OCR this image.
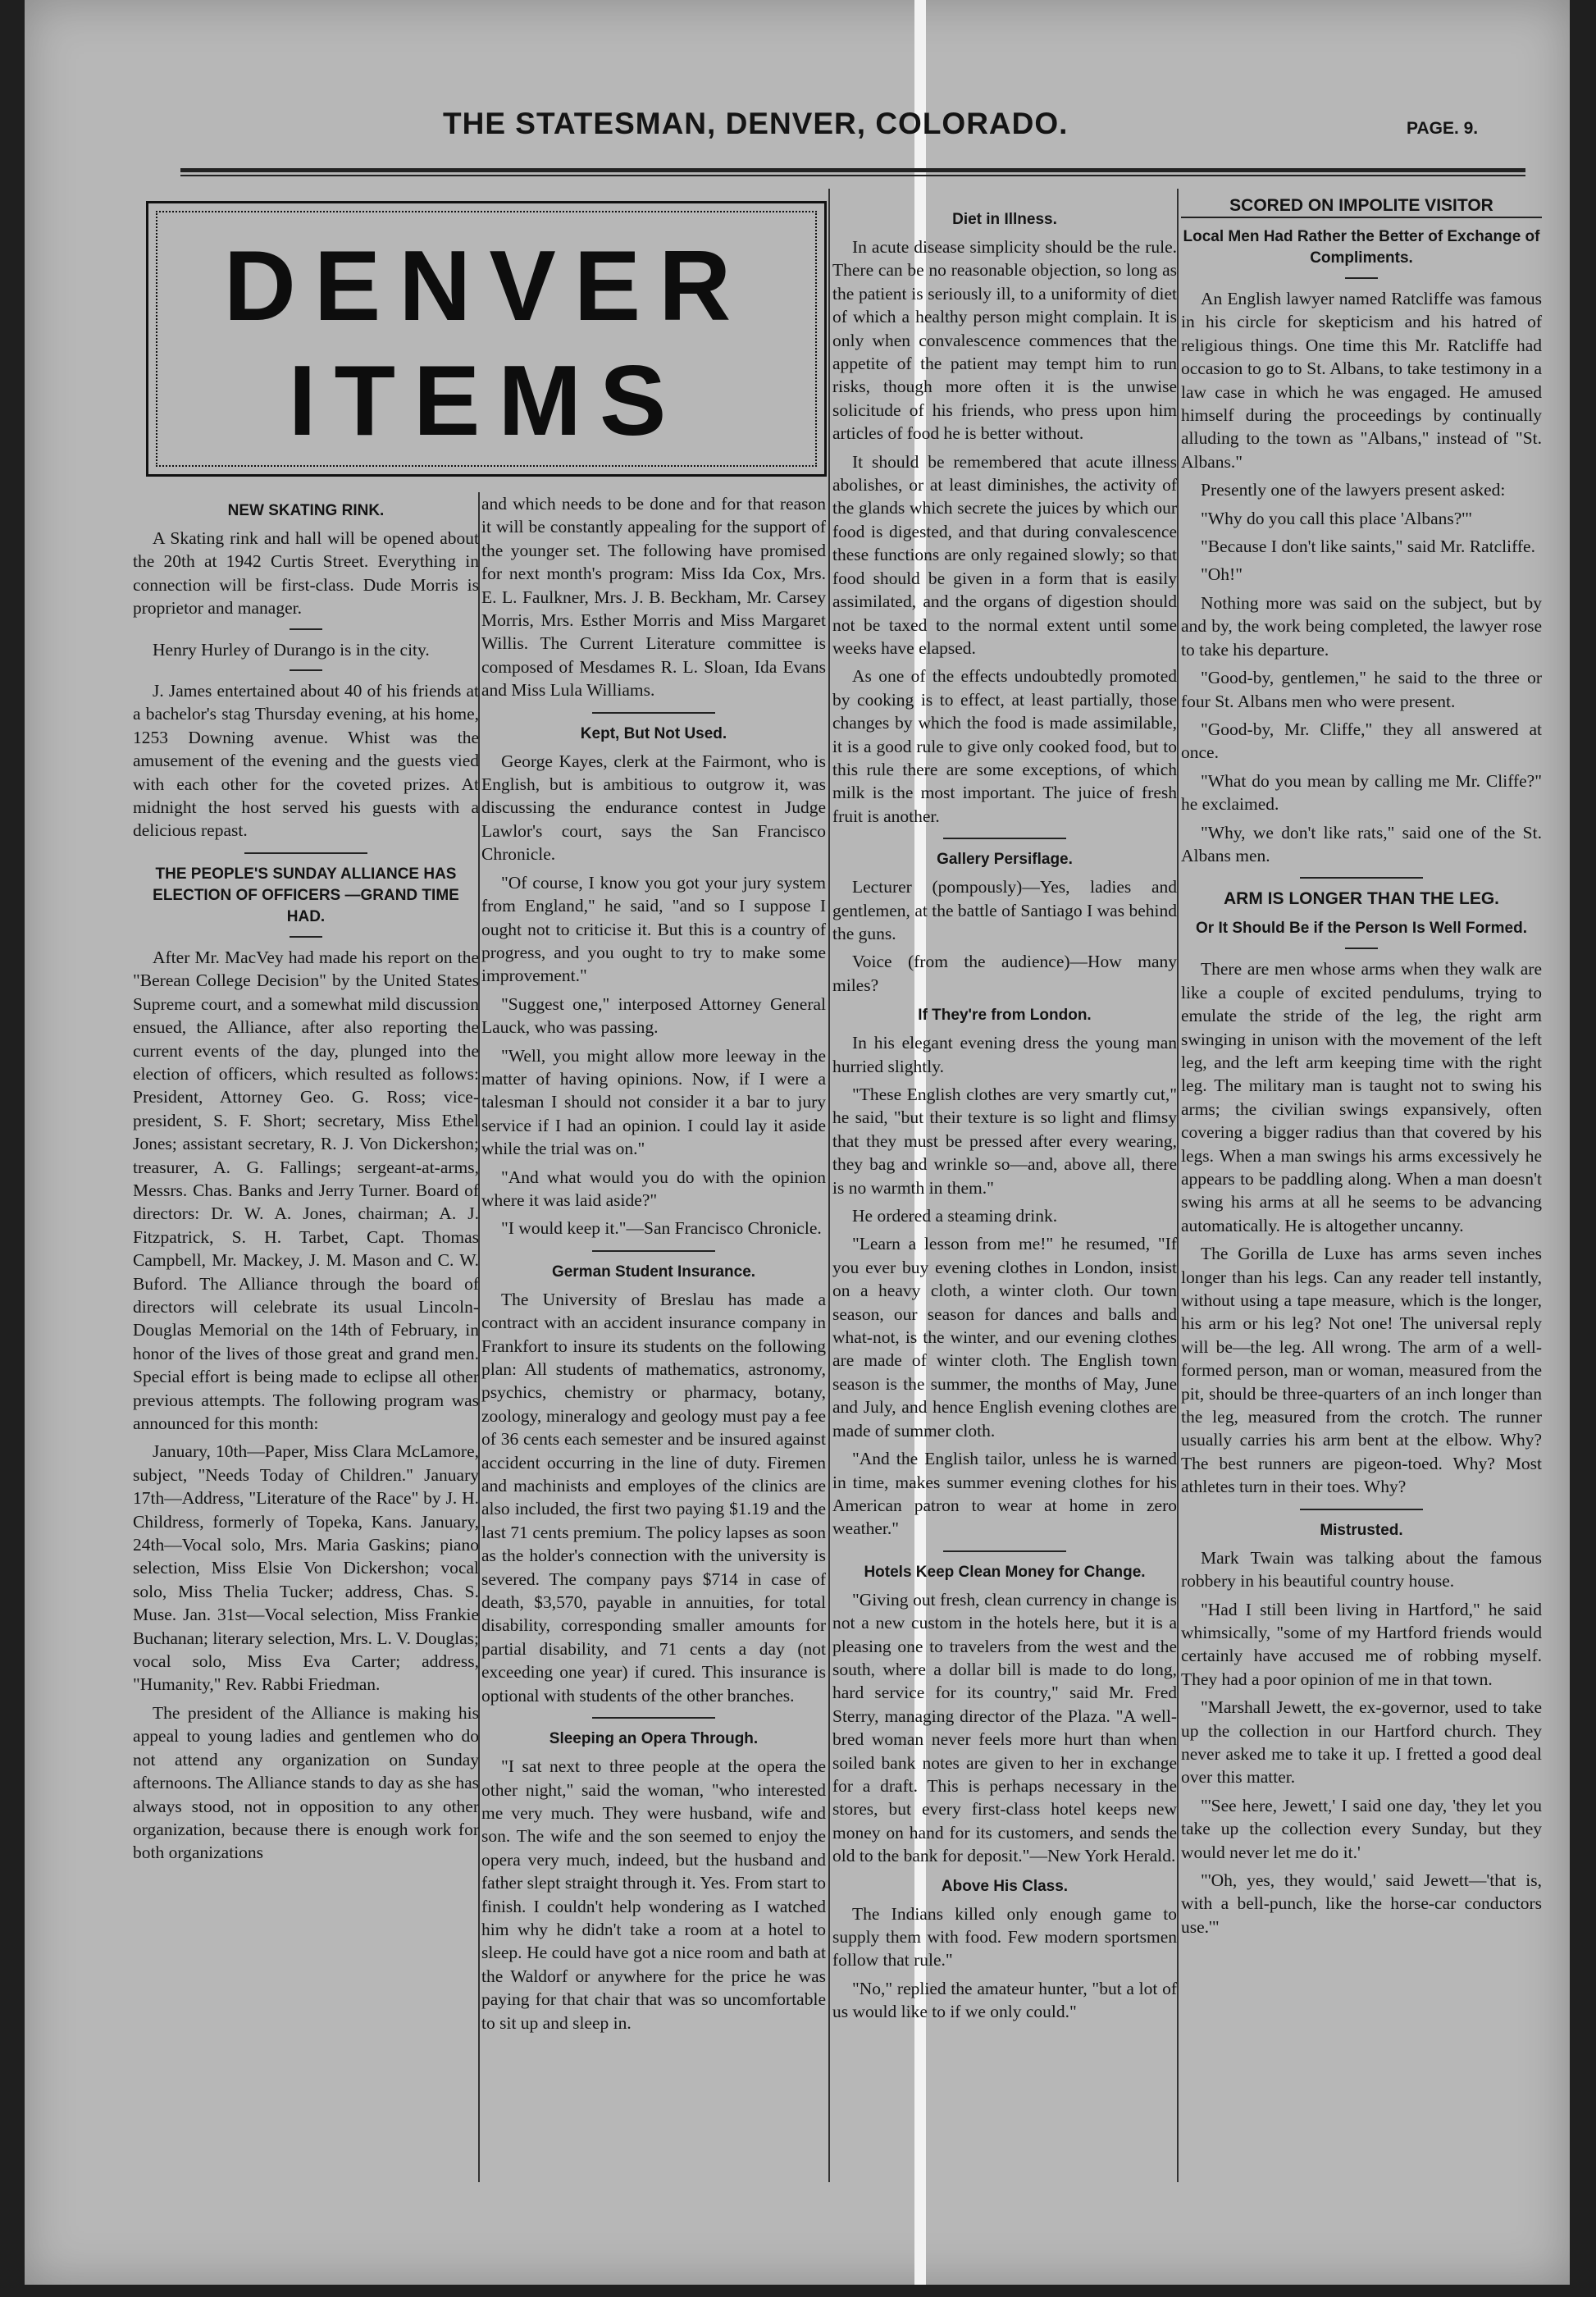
THE STATESMAN, DENVER, COLORADO.	PAGE. 9.
DENVER
ITEMS
NEW SKATING RINK.

A Skating rink and hall will be opened about the 20th at 1942 Curtis Street. Everything in connection will be first-class. Dude Morris is proprietor and manager.

Henry Hurley of Durango is in the city.

J. James entertained about 40 of his friends at a bachelor's stag Thursday evening, at his home, 1253 Downing avenue. Whist was the amusement of the evening and the guests vied with each other for the coveted prizes. At midnight the host served his guests with a delicious repast.

THE PEOPLE'S SUNDAY ALLIANCE HAS ELECTION OF OFFICERS —GRAND TIME HAD.

After Mr. MacVey had made his report on the "Berean College Decision" by the United States Supreme court, and a somewhat mild discussion ensued, the Alliance, after also reporting the current events of the day, plunged into the election of officers, which resulted as follows: President, Attorney Geo. G. Ross; vice-president, S. F. Short; secretary, Miss Ethel Jones; assistant secretary, R. J. Von Dickershon; treasurer, A. G. Fallings; sergeant-at-arms, Messrs. Chas. Banks and Jerry Turner. Board of directors: Dr. W. A. Jones, chairman; A. J. Fitzpatrick, S. H. Tarbet, Capt. Thomas Campbell, Mr. Mackey, J. M. Mason and C. W. Buford. The Alliance through the board of directors will celebrate its usual Lincoln-Douglas Memorial on the 14th of February, in honor of the lives of those great and grand men. Special effort is being made to eclipse all other previous attempts. The following program was announced for this month:

January, 10th—Paper, Miss Clara McLamore, subject, "Needs Today of Children." January 17th—Address, "Literature of the Race" by J. H. Childress, formerly of Topeka, Kans. January, 24th—Vocal solo, Mrs. Maria Gaskins; piano selection, Miss Elsie Von Dickershon; vocal solo, Miss Thelia Tucker; address, Chas. S. Muse. Jan. 31st—Vocal selection, Miss Frankie Buchanan; literary selection, Mrs. L. V. Douglas; vocal solo, Miss Eva Carter; address, "Humanity," Rev. Rabbi Friedman.

The president of the Alliance is making his appeal to young ladies and gentlemen who do not attend any organization on Sunday afternoons. The Alliance stands to day as she has always stood, not in opposition to any other organization, because there is enough work for both organizations

and which needs to be done and for that reason it will be constantly appealing for the support of the younger set. The following have promised for next month's program: Miss Ida Cox, Mrs. E. L. Faulkner, Mrs. J. B. Beckham, Mr. Carsey Morris, Mrs. Esther Morris and Miss Margaret Willis. The Current Literature committee is composed of Mesdames R. L. Sloan, Ida Evans and Miss Lula Williams.

Kept, But Not Used.

George Kayes, clerk at the Fairmont, who is English, but is ambitious to outgrow it, was discussing the endurance contest in Judge Lawlor's court, says the San Francisco Chronicle.

"Of course, I know you got your jury system from England," he said, "and so I suppose I ought not to criticise it. But this is a country of progress, and you ought to try to make some improvement."

"Suggest one," interposed Attorney General Lauck, who was passing.

"Well, you might allow more leeway in the matter of having opinions. Now, if I were a talesman I should not consider it a bar to jury service if I had an opinion. I could lay it aside while the trial was on."

"And what would you do with the opinion where it was laid aside?"

"I would keep it."—San Francisco Chronicle.

German Student Insurance.

The University of Breslau has made a contract with an accident insurance company in Frankfort to insure its students on the following plan: All students of mathematics, astronomy, psychics, chemistry or pharmacy, botany, zoology, mineralogy and geology must pay a fee of 36 cents each semester and be insured against accident occurring in the line of duty. Firemen and machinists and employes of the clinics are also included, the first two paying $1.19 and the last 71 cents premium. The policy lapses as soon as the holder's connection with the university is severed. The company pays $714 in case of death, $3,570, payable in annuities, for total disability, corresponding smaller amounts for partial disability, and 71 cents a day (not exceeding one year) if cured. This insurance is optional with students of the other branches.

Sleeping an Opera Through.

"I sat next to three people at the opera the other night," said the woman, "who interested me very much. They were husband, wife and son. The wife and the son seemed to enjoy the opera very much, indeed, but the husband and father slept straight through it. Yes. From start to finish. I couldn't help wondering as I watched him why he didn't take a room at a hotel to sleep. He could have got a nice room and bath at the Waldorf or anywhere for the price he was paying for that chair that was so uncomfortable to sit up and sleep in.

Diet in Illness.

In acute disease simplicity should be the rule. There can be no reasonable objection, so long as the patient is seriously ill, to a uniformity of diet of which a healthy person might complain. It is only when convalescence commences that the appetite of the patient may tempt him to run risks, though more often it is the unwise solicitude of his friends, who press upon him articles of food he is better without.

It should be remembered that acute illness abolishes, or at least diminishes, the activity of the glands which secrete the juices by which our food is digested, and that during convalescence these functions are only regained slowly; so that food should be given in a form that is easily assimilated, and the organs of digestion should not be taxed to the normal extent until some weeks have elapsed.

As one of the effects undoubtedly promoted by cooking is to effect, at least partially, those changes by which the food is made assimilable, it is a good rule to give only cooked food, but to this rule there are some exceptions, of which milk is the most important. The juice of fresh fruit is another.

Gallery Persiflage.

Lecturer (pompously)—Yes, ladies and gentlemen, at the battle of Santiago I was behind the guns.

Voice (from the audience)—How many miles?

If They're from London.

In his elegant evening dress the young man hurried slightly.

"These English clothes are very smartly cut," he said, "but their texture is so light and flimsy that they must be pressed after every wearing, they bag and wrinkle so—and, above all, there is no warmth in them."

He ordered a steaming drink.

"Learn a lesson from me!" he resumed, "If you ever buy evening clothes in London, insist on a heavy cloth, a winter cloth. Our town season, our season for dances and balls and what-not, is the winter, and our evening clothes are made of winter cloth. The English town season is the summer, the months of May, June and July, and hence English evening clothes are made of summer cloth.

"And the English tailor, unless he is warned in time, makes summer evening clothes for his American patron to wear at home in zero weather."

Hotels Keep Clean Money for Change.

"Giving out fresh, clean currency in change is not a new custom in the hotels here, but it is a pleasing one to travelers from the west and the south, where a dollar bill is made to do long, hard service for its country," said Mr. Fred Sterry, managing director of the Plaza. "A well-bred woman never feels more hurt than when soiled bank notes are given to her in exchange for a draft. This is perhaps necessary in the stores, but every first-class hotel keeps new money on hand for its customers, and sends the old to the bank for deposit."—New York Herald.

Above His Class.

The Indians killed only enough game to supply them with food. Few modern sportsmen follow that rule."

"No," replied the amateur hunter, "but a lot of us would like to if we only could."

SCORED ON IMPOLITE VISITOR
Local Men Had Rather the Better of Exchange of Compliments.

An English lawyer named Ratcliffe was famous in his circle for skepticism and his hatred of religious things. One time this Mr. Ratcliffe had occasion to go to St. Albans, to take testimony in a law case in which he was engaged. He amused himself during the proceedings by continually alluding to the town as "Albans," instead of "St. Albans."

Presently one of the lawyers present asked:

"Why do you call this place 'Albans?'"

"Because I don't like saints," said Mr. Ratcliffe.

"Oh!"

Nothing more was said on the subject, but by and by, the work being completed, the lawyer rose to take his departure.

"Good-by, gentlemen," he said to the three or four St. Albans men who were present.

"Good-by, Mr. Cliffe," they all answered at once.

"What do you mean by calling me Mr. Cliffe?" he exclaimed.

"Why, we don't like rats," said one of the St. Albans men.

ARM IS LONGER THAN THE LEG.
Or It Should Be if the Person Is Well Formed.

There are men whose arms when they walk are like a couple of excited pendulums, trying to emulate the stride of the leg, the right arm swinging in unison with the movement of the left leg, and the left arm keeping time with the right leg. The military man is taught not to swing his arms; the civilian swings expansively, often covering a bigger radius than that covered by his legs. When a man swings his arms excessively he appears to be paddling along. When a man doesn't swing his arms at all he seems to be advancing automatically. He is altogether uncanny.

The Gorilla de Luxe has arms seven inches longer than his legs. Can any reader tell instantly, without using a tape measure, which is the longer, his arm or his leg? Not one! The universal reply will be—the leg. All wrong. The arm of a well-formed person, man or woman, measured from the pit, should be three-quarters of an inch longer than the leg, measured from the crotch. The runner usually carries his arm bent at the elbow. Why? The best runners are pigeon-toed. Why? Most athletes turn in their toes. Why?

Mistrusted.

Mark Twain was talking about the famous robbery in his beautiful country house.

"Had I still been living in Hartford," he said whimsically, "some of my Hartford friends would certainly have accused me of robbing myself. They had a poor opinion of me in that town.

"Marshall Jewett, the ex-governor, used to take up the collection in our Hartford church. They never asked me to take it up. I fretted a good deal over this matter.

"'See here, Jewett,' I said one day, 'they let you take up the collection every Sunday, but they would never let me do it.'

"'Oh, yes, they would,' said Jewett—'that is, with a bell-punch, like the horse-car conductors use.'"
